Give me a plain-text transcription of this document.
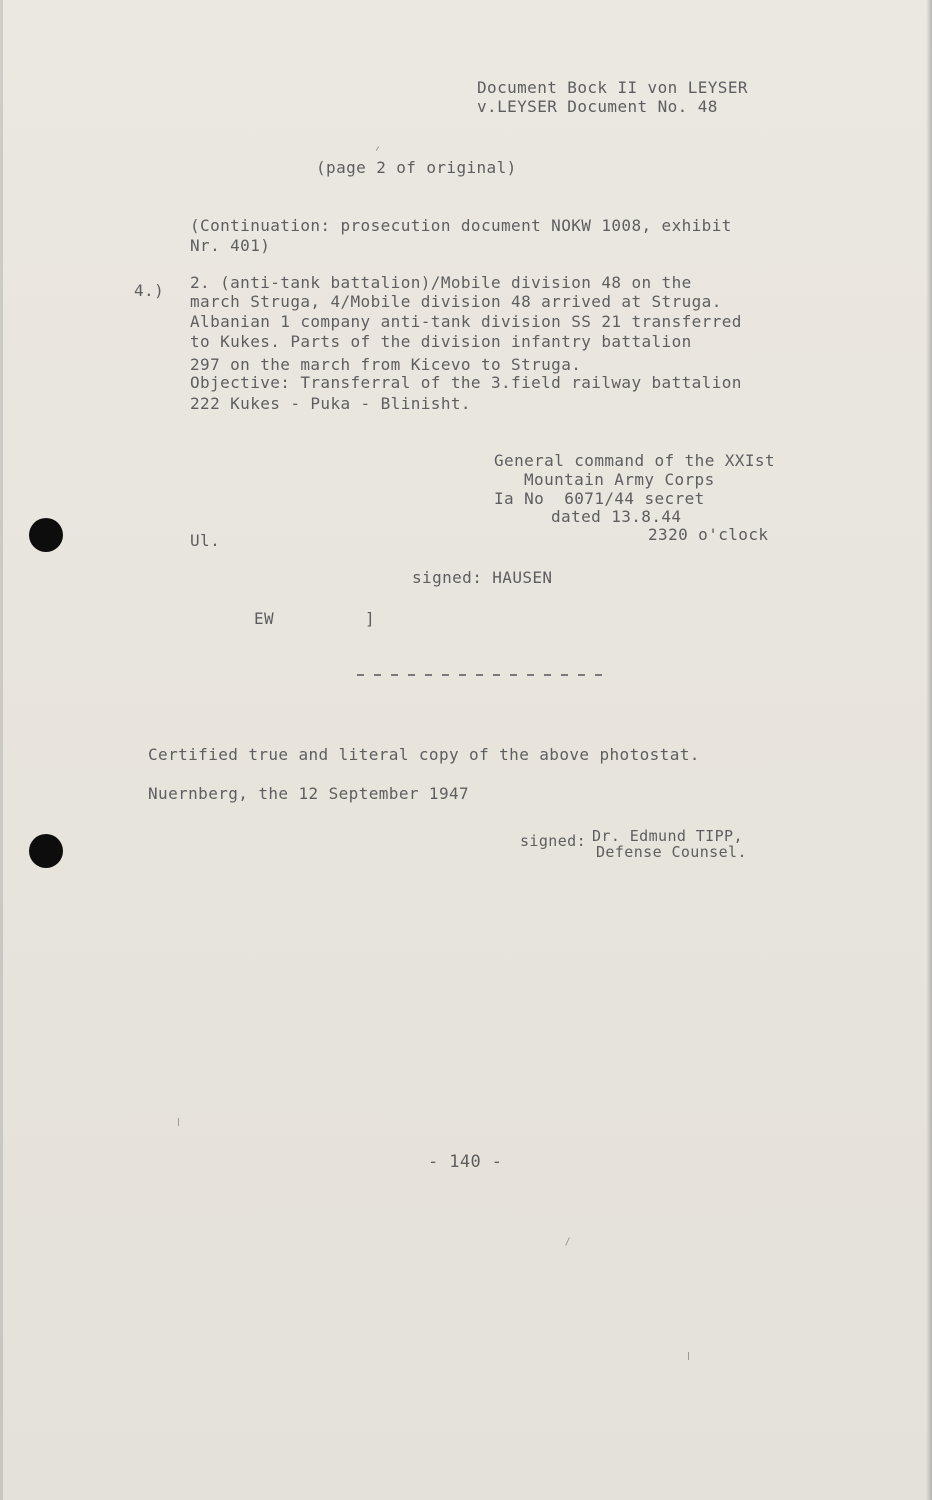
Document Bock II von LEYSER
v.LEYSER Document No. 48
(page 2 of original)
(Continuation: prosecution document NOKW 1008, exhibit
Nr. 401)
4.) 2. (anti-tank battalion)/Mobile division 48 on the
march Struga, 4/Mobile division 48 arrived at Struga.
Albanian 1 company anti-tank division SS 21 transferred
to Kukes. Parts of the division infantry battalion
297 on the march from Kicevo to Struga.
Objective: Transferral of the 3.field railway battalion
222 Kukes - Puka - Blinisht.
General command of the XXIst
Mountain Army Corps
Ia No  6071/44 secret
dated 13.8.44
2320 o'clock
Ul.
signed: HAUSEN
EW	]
Certified true and literal copy of the above photostat.
Nuernberg, the 12 September 1947
signed: Dr. Edmund TIPP,
Defense Counsel.
- 140 -
